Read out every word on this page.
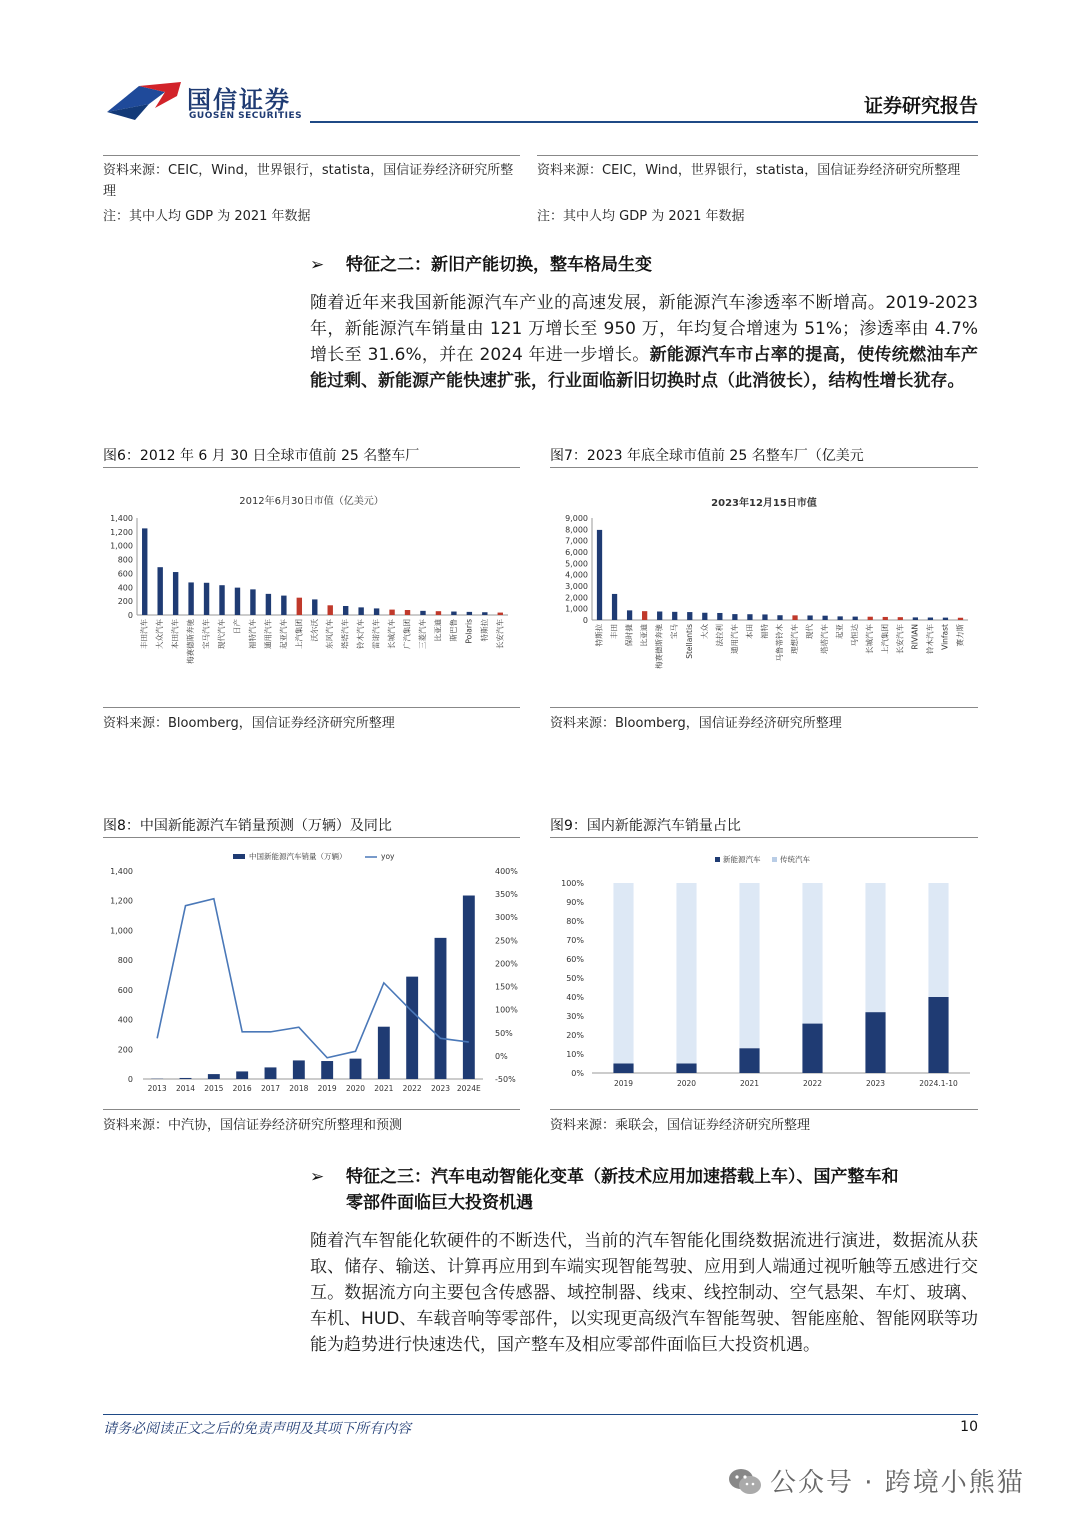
国信证券
GUOSEN SECURITIES	证券研究报告
资料来源：CEIC，Wind，世界银行，statista，国信证券经济研究所整理
注：其中人均 GDP 为 2021 年数据
资料来源：CEIC，Wind，世界银行，statista，国信证券经济研究所整理
注：其中人均 GDP 为 2021 年数据
➢ 特征之二：新旧产能切换，整车格局生变
随着近年来我国新能源汽车产业的高速发展，新能源汽车渗透率不断增高。2019-2023 年，新能源汽车销量由 121 万增长至 950 万，年均复合增速为 51%；渗透率由 4.7%增长至 31.6%，并在 2024 年进一步增长。新能源汽车市占率的提高，使传统燃油车产能过剩、新能源产能快速扩张，行业面临新旧切换时点（此消彼长），结构性增长犹存。
图6：2012 年 6 月 30 日全球市值前 25 名整车厂
2012年6月30日市值（亿美元）
0
200
400
600
800
1,000
1,200
1,400
丰田汽车 大众汽车 本田汽车 梅赛德斯奔驰 宝马汽车 现代汽车 日产 福特汽车 通用汽车 起亚汽车 上汽集团 沃尔沃 东风汽车 塔塔汽车 铃木汽车 雷诺汽车 长城汽车 广汽集团 三菱汽车 比亚迪 斯巴鲁 Polaris 特斯拉 长安汽车
资料来源：Bloomberg，国信证券经济研究所整理
图7：2023 年底全球市值前 25 名整车厂（亿美元
2023年12月15日市值
0
1,000
2,000
3,000
4,000
5,000
6,000
7,000
8,000
9,000
特斯拉 丰田 保时捷 比亚迪 梅赛德斯奔驰 宝马 Stellantis 大众 法拉利 通用汽车 本田 福特 马鲁蒂铃木 理想汽车 现代 塔塔汽车 起亚 马恒达 长城汽车 上汽集团 长安汽车 RIVIAN 铃木汽车 Vinfast 赛力斯
资料来源：Bloomberg，国信证券经济研究所整理
图8：中国新能源汽车销量预测（万辆）及同比
0
200
400
600
800
1,000
1,200
1,400
-50%
0%
50%
100%
150%
200%
250%
300%
350%
400%
中国新能源汽车销量（万辆）	yoy
2013 2014 2015 2016 2017 2018 2019 2020 2021 2022 2023 2024E
资料来源：中汽协，国信证券经济研究所整理和预测
图9：国内新能源汽车销量占比
0%
10%
20%
30%
40%
50%
60%
70%
80%
90%
100%
新能源汽车	传统汽车
2019	2020	2021	2022	2023	2024.1-10
资料来源：乘联会，国信证券经济研究所整理
➢ 特征之三：汽车电动智能化变革（新技术应用加速搭载上车）、国产整车和
零部件面临巨大投资机遇
随着汽车智能化软硬件的不断迭代，当前的汽车智能化围绕数据流进行演进，数据流从获取、储存、输送、计算再应用到车端实现智能驾驶、应用到人端通过视听触等五感进行交互。数据流方向主要包含传感器、域控制器、线束、线控制动、空气悬架、车灯、玻璃、车机、HUD、车载音响等零部件，以实现更高级汽车智能驾驶、智能座舱、智能网联等功能为趋势进行快速迭代，国产整车及相应零部件面临巨大投资机遇。
请务必阅读正文之后的免责声明及其项下所有内容	10
公众号 · 跨境小熊猫
